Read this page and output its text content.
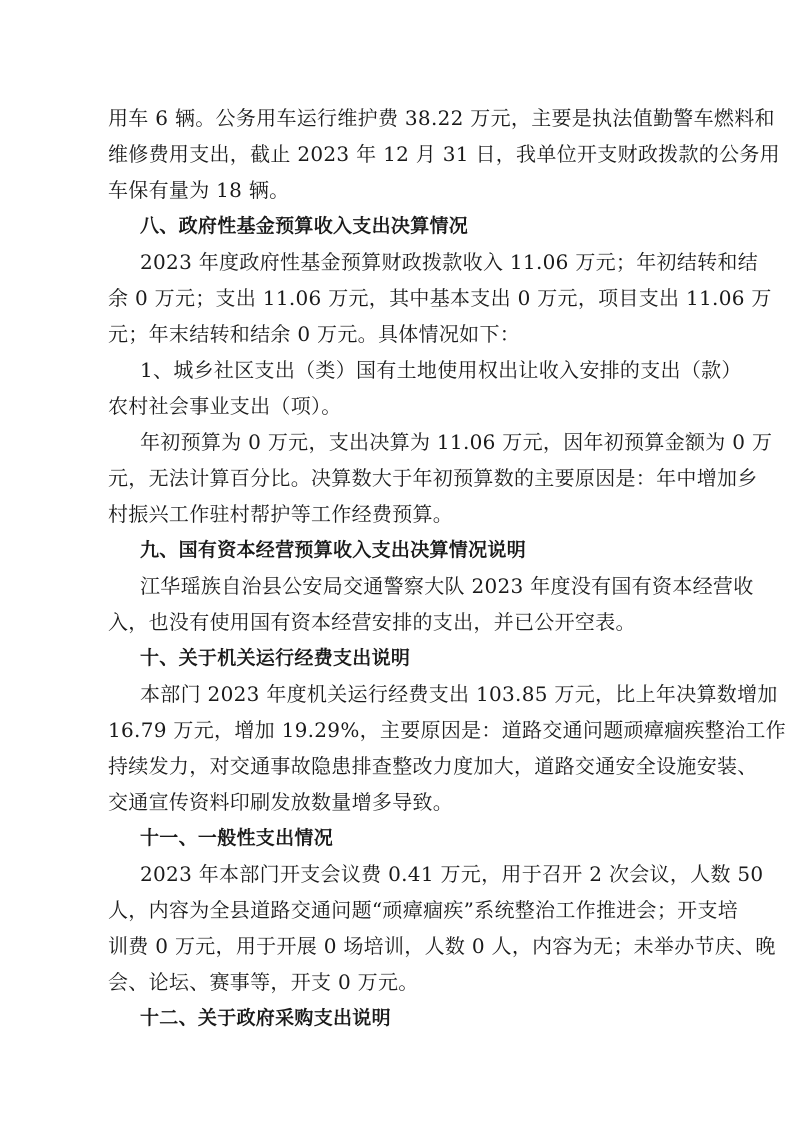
用车 6 辆。公务用车运行维护费 38.22 万元，主要是执法值勤警车燃料和
维修费用支出，截止 2023 年 12 月 31 日，我单位开支财政拨款的公务用
车保有量为 18 辆。
八、政府性基金预算收入支出决算情况
2023 年度政府性基金预算财政拨款收入 11.06 万元；年初结转和结
余 0 万元；支出 11.06 万元，其中基本支出 0 万元，项目支出 11.06 万
元；年末结转和结余 0 万元。具体情况如下：
1、城乡社区支出（类）国有土地使用权出让收入安排的支出（款）
农村社会事业支出（项）。
年初预算为 0 万元，支出决算为 11.06 万元，因年初预算金额为 0 万
元，无法计算百分比。决算数大于年初预算数的主要原因是：年中增加乡
村振兴工作驻村帮护等工作经费预算。
九、国有资本经营预算收入支出决算情况说明
江华瑶族自治县公安局交通警察大队 2023 年度没有国有资本经营收
入，也没有使用国有资本经营安排的支出，并已公开空表。
十、关于机关运行经费支出说明
本部门 2023 年度机关运行经费支出 103.85 万元，比上年决算数增加
16.79 万元，增加 19.29%，主要原因是：道路交通问题顽瘴痼疾整治工作
持续发力，对交通事故隐患排查整改力度加大，道路交通安全设施安装、
交通宣传资料印刷发放数量增多导致。
十一、一般性支出情况
2023 年本部门开支会议费 0.41 万元，用于召开 2 次会议，人数 50
人，内容为全县道路交通问题“顽瘴痼疾”系统整治工作推进会；开支培
训费 0 万元，用于开展 0 场培训，人数 0 人，内容为无；未举办节庆、晚
会、论坛、赛事等，开支 0 万元。
十二、关于政府采购支出说明
